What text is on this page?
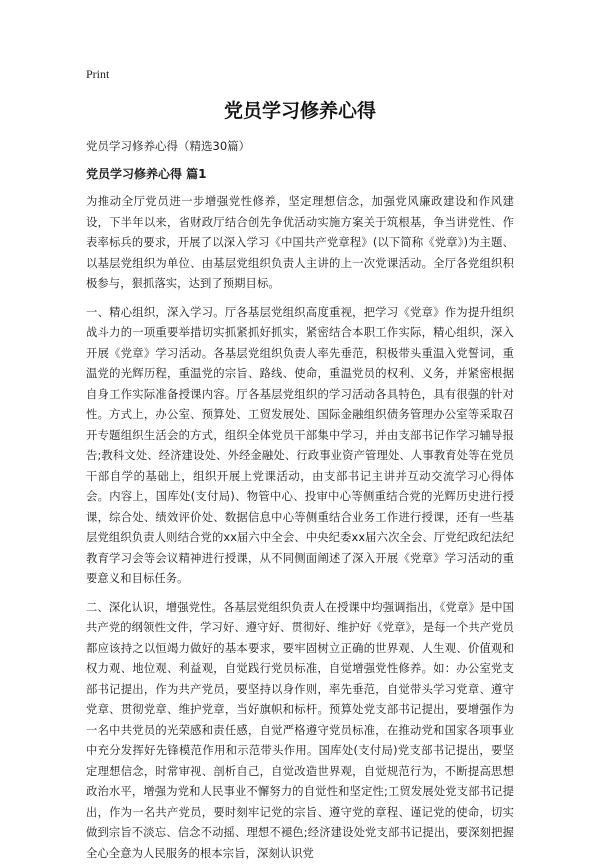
Print
党员学习修养心得
党员学习修养心得（精选30篇）
党员学习修养心得 篇1

为推动全厅党员进一步增强党性修养，坚定理想信念，加强党风廉政建设和作风建设，下半年以来，省财政厅结合创先争优活动实施方案关于筑根基，争当讲党性、作表率标兵的要求，开展了以深入学习《中国共产党章程》(以下简称《党章》)为主题、以基层党组织为单位、由基层党组织负责人主讲的上一次党课活动。全厅各党组织积极参与，狠抓落实，达到了预期目标。

一、精心组织，深入学习。厅各基层党组织高度重视，把学习《党章》作为提升组织战斗力的一项重要举措切实抓紧抓好抓实，紧密结合本职工作实际，精心组织，深入开展《党章》学习活动。各基层党组织负责人率先垂范，积极带头重温入党誓词，重温党的光辉历程，重温党的宗旨、路线、使命，重温党员的权利、义务，并紧密根据自身工作实际准备授课内容。厅各基层党组织的学习活动各具特色，具有很强的针对性。方式上，办公室、预算处、工贸发展处、国际金融组织债务管理办公室等采取召开专题组织生活会的方式，组织全体党员干部集中学习，并由支部书记作学习辅导报告;教科文处、经济建设处、外经金融处、行政事业资产管理处、人事教育处等在党员干部自学的基础上，组织开展上党课活动，由支部书记主讲并互动交流学习心得体会。内容上，国库处(支付局)、物管中心、投审中心等侧重结合党的光辉历史进行授课，综合处、绩效评价处、数据信息中心等侧重结合业务工作进行授课，还有一些基层党组织负责人则结合党的xx届六中全会、中央纪委xx届六次全会、厅党纪政纪法纪教育学习会等会议精神进行授课，从不同侧面阐述了深入开展《党章》学习活动的重要意义和目标任务。

二、深化认识，增强党性。各基层党组织负责人在授课中均强调指出，《党章》是中国共产党的纲领性文件，学习好、遵守好、贯彻好、维护好《党章》，是每一个共产党员都应该持之以恒竭力做好的基本要求，要牢固树立正确的世界观、人生观、价值观和权力观、地位观、利益观，自觉践行党员标准，自觉增强党性修养。如：办公室党支部书记提出，作为共产党员，要坚持以身作则，率先垂范，自觉带头学习党章、遵守党章、贯彻党章、维护党章，当好旗帜和标杆。预算处党支部书记提出，要增强作为一名中共党员的光荣感和责任感，自觉严格遵守党员标准，在推动党和国家各项事业中充分发挥好先锋模范作用和示范带头作用。国库处(支付局)党支部书记提出，要坚定理想信念，时常审视、剖析自己，自觉改造世界观，自觉规范行为，不断提高思想政治水平，增强为党和人民事业不懈努力的自觉性和坚定性;工贸发展处党支部书记提出，作为一名共产党员，要时刻牢记党的宗旨、遵守党的章程、谨记党的使命，切实做到宗旨不淡忘、信念不动摇、理想不褪色;经济建设处党支部书记提出，要深刻把握全心全意为人民服务的根本宗旨，深刻认识党
